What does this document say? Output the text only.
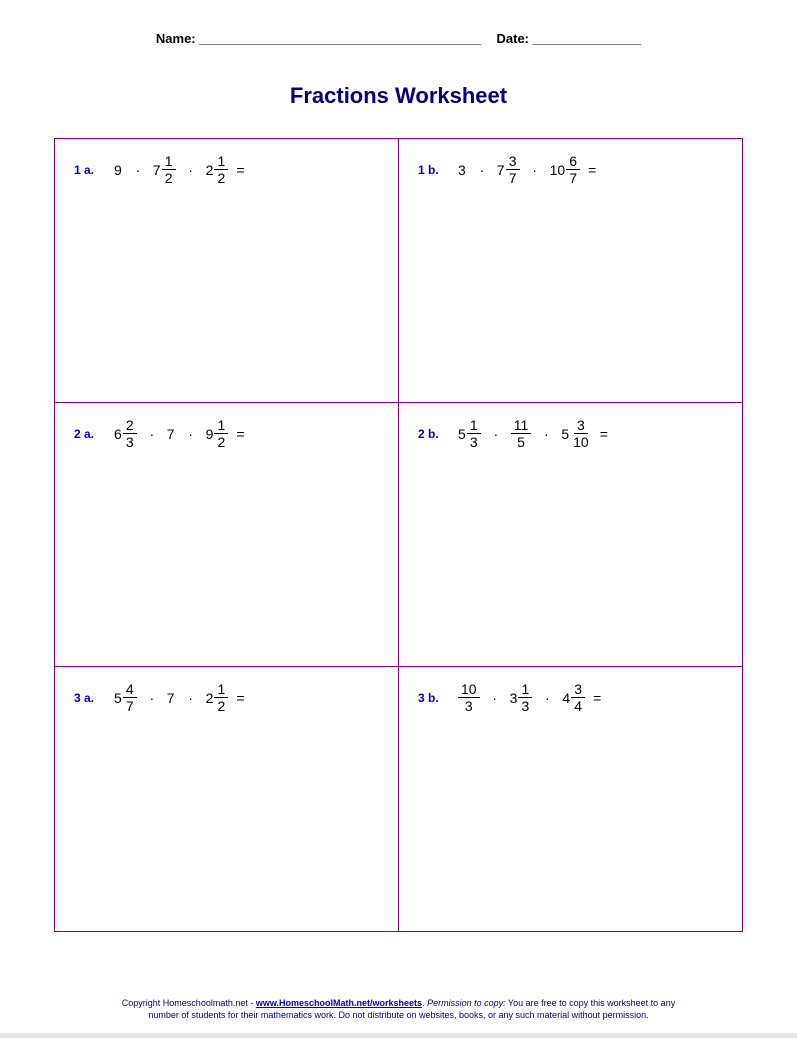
Name: _______________________________________ Date: _______________
Fractions Worksheet
1 a.	$9 \cdot 7 \frac{1}{2} \cdot 2 \frac{1}{2}$ =	1 b.	$3 \cdot 7 \frac{3}{7} \cdot 10 \frac{6}{7}$ =
2 a.	$6 \frac{2}{3} \cdot 7 \cdot 9 \frac{1}{2}$ =	2 b.	$5 \frac{1}{3} \cdot \frac{11}{5} \cdot 5 \frac{3}{10}$ =
3 a.	$5 \frac{4}{7} \cdot 7 \cdot 2 \frac{1}{2}$ =	3 b.	$\frac{10}{3} \cdot 3 \frac{1}{3} \cdot 4 \frac{3}{4}$ =
Copyright Homeschoolmath.net - www.HomeschoolMath.net/worksheets. Permission to copy: You are free to copy this worksheet to any
number of students for their mathematics work. Do not distribute on websites, books, or any such material without permission.
